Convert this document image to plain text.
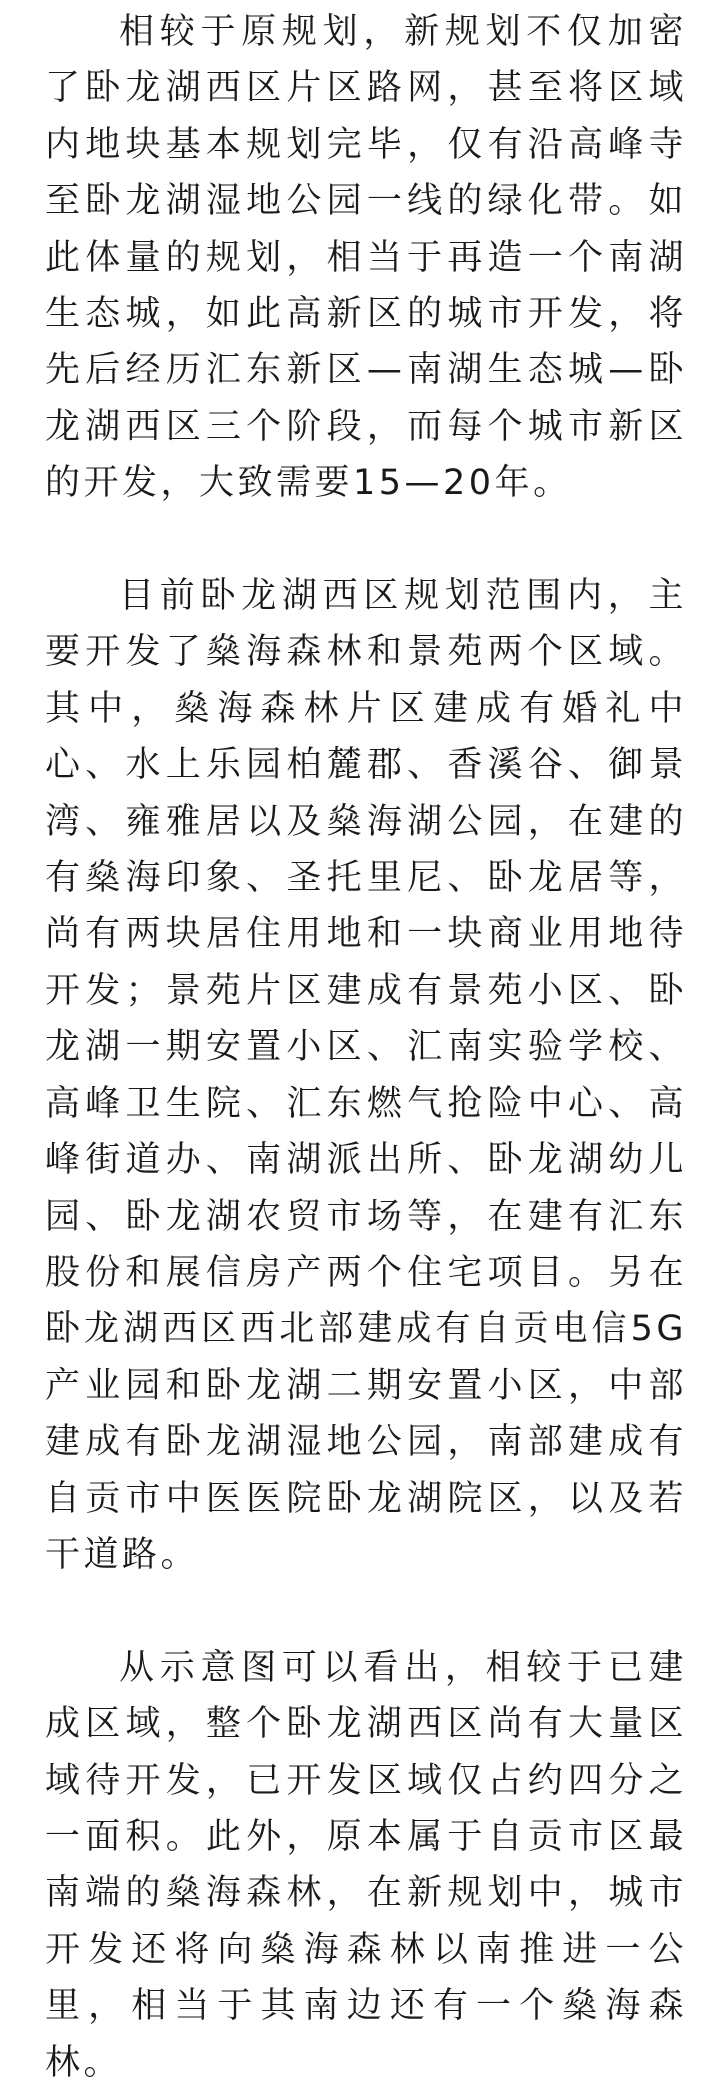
相较于原规划，新规划不仅加密了卧龙湖西区片区路网，甚至将区域内地块基本规划完毕，仅有沿高峰寺至卧龙湖湿地公园一线的绿化带。如此体量的规划，相当于再造一个南湖生态城，如此高新区的城市开发，将先后经历汇东新区—南湖生态城—卧龙湖西区三个阶段，而每个城市新区的开发，大致需要15—20年。

目前卧龙湖西区规划范围内，主要开发了燊海森林和景苑两个区域。其中，燊海森林片区建成有婚礼中心、水上乐园柏麓郡、香溪谷、御景湾、雍雅居以及燊海湖公园，在建的有燊海印象、圣托里尼、卧龙居等，尚有两块居住用地和一块商业用地待开发；景苑片区建成有景苑小区、卧龙湖一期安置小区、汇南实验学校、高峰卫生院、汇东燃气抢险中心、高峰街道办、南湖派出所、卧龙湖幼儿园、卧龙湖农贸市场等，在建有汇东股份和展信房产两个住宅项目。另在卧龙湖西区西北部建成有自贡电信5G产业园和卧龙湖二期安置小区，中部建成有卧龙湖湿地公园，南部建成有自贡市中医医院卧龙湖院区，以及若干道路。

从示意图可以看出，相较于已建成区域，整个卧龙湖西区尚有大量区域待开发，已开发区域仅占约四分之一面积。此外，原本属于自贡市区最南端的燊海森林，在新规划中，城市开发还将向燊海森林以南推进一公里，相当于其南边还有一个燊海森林。
